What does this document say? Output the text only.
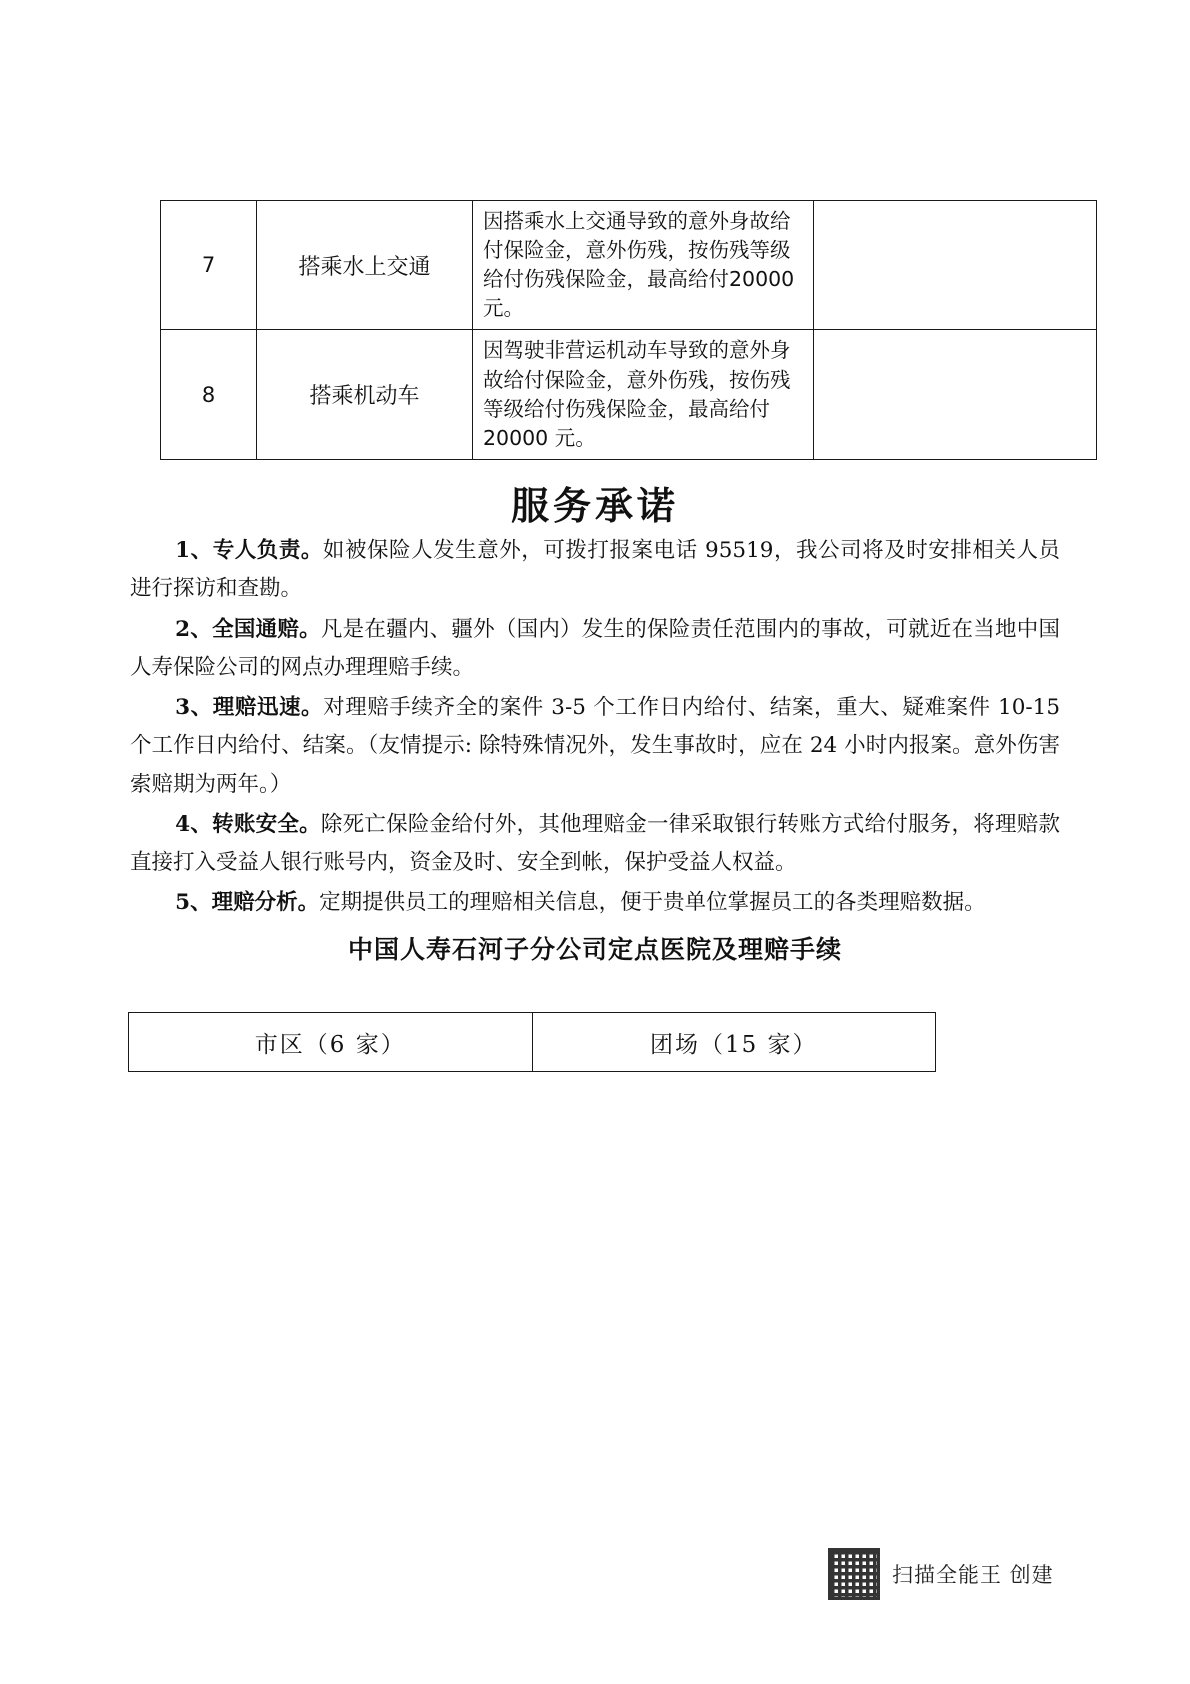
7	搭乘水上交通	因搭乘水上交通导致的意外身故给付保险金，意外伤残，按伤残等级给付伤残保险金，最高给付20000 元。	
8	搭乘机动车	因驾驶非营运机动车导致的意外身故给付保险金，意外伤残，按伤残等级给付伤残保险金，最高给付 20000 元。	
服务承诺

1、专人负责。如被保险人发生意外，可拨打报案电话 95519，我公司将及时安排相关人员进行探访和查勘。

2、全国通赔。凡是在疆内、疆外（国内）发生的保险责任范围内的事故，可就近在当地中国人寿保险公司的网点办理理赔手续。

3、理赔迅速。对理赔手续齐全的案件 3-5 个工作日内给付、结案，重大、疑难案件 10-15 个工作日内给付、结案。（友情提示: 除特殊情况外，发生事故时，应在 24 小时内报案。意外伤害索赔期为两年。）

4、转账安全。除死亡保险金给付外，其他理赔金一律采取银行转账方式给付服务，将理赔款直接打入受益人银行账号内，资金及时、安全到帐，保护受益人权益。

5、理赔分析。定期提供员工的理赔相关信息，便于贵单位掌握员工的各类理赔数据。

中国人寿石河子分公司定点医院及理赔手续
市区（6 家）	团场（15 家）
扫描全能王 创建
